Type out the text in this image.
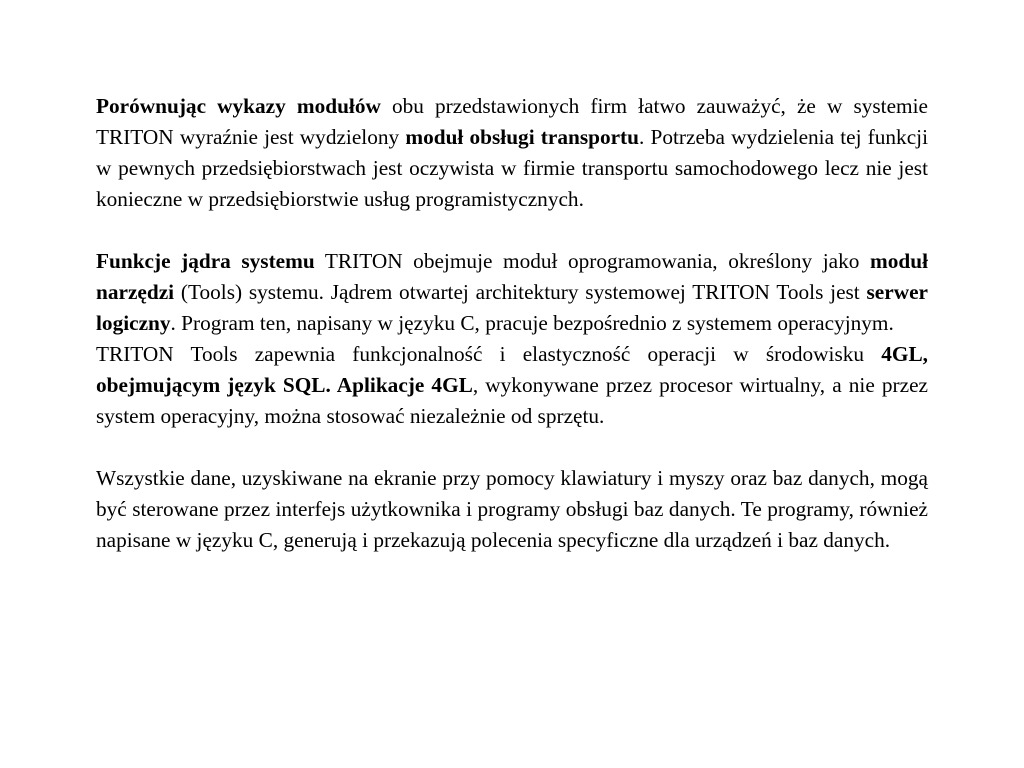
Porównując wykazy modułów obu przedstawionych firm łatwo zauważyć, że w systemie TRITON wyraźnie jest wydzielony moduł obsługi transportu. Potrzeba wydzielenia tej funkcji w pewnych przedsiębiorstwach jest oczywista w firmie transportu samochodowego lecz nie jest konieczne w przedsiębiorstwie usług programistycznych.

Funkcje jądra systemu TRITON obejmuje moduł oprogramowania, określony jako moduł narzędzi (Tools) systemu. Jądrem otwartej architektury systemowej TRITON Tools jest serwer logiczny. Program ten, napisany w języku C, pracuje bezpośrednio z systemem operacyjnym.

TRITON Tools zapewnia funkcjonalność i elastyczność operacji w środowisku 4GL, obejmującym język SQL. Aplikacje 4GL, wykonywane przez procesor wirtualny, a nie przez system operacyjny, można stosować niezależnie od sprzętu.

Wszystkie dane, uzyskiwane na ekranie przy pomocy klawiatury i myszy oraz baz danych, mogą być sterowane przez interfejs użytkownika i programy obsługi baz danych. Te programy, również napisane w języku C, generują i przekazują polecenia specyficzne dla urządzeń i baz danych.
